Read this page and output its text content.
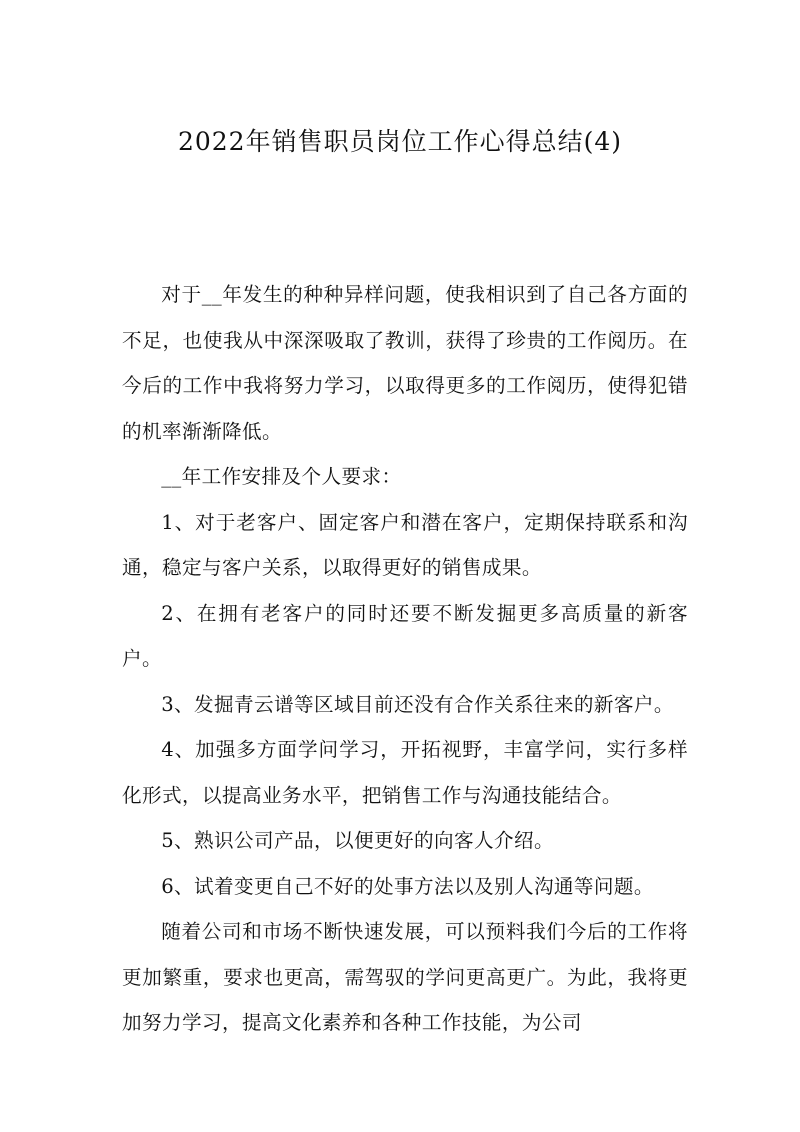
2022年销售职员岗位工作心得总结(4)

对于__年发生的种种异样问题，使我相识到了自己各方面的不足，也使我从中深深吸取了教训，获得了珍贵的工作阅历。在今后的工作中我将努力学习，以取得更多的工作阅历，使得犯错的机率渐渐降低。

__年工作安排及个人要求：

1、对于老客户、固定客户和潜在客户，定期保持联系和沟通，稳定与客户关系，以取得更好的销售成果。

2、在拥有老客户的同时还要不断发掘更多高质量的新客户。

3、发掘青云谱等区域目前还没有合作关系往来的新客户。

4、加强多方面学问学习，开拓视野，丰富学问，实行多样化形式，以提高业务水平，把销售工作与沟通技能结合。

5、熟识公司产品，以便更好的向客人介绍。

6、试着变更自己不好的处事方法以及别人沟通等问题。

随着公司和市场不断快速发展，可以预料我们今后的工作将更加繁重，要求也更高，需驾驭的学问更高更广。为此，我将更加努力学习，提高文化素养和各种工作技能，为公司
